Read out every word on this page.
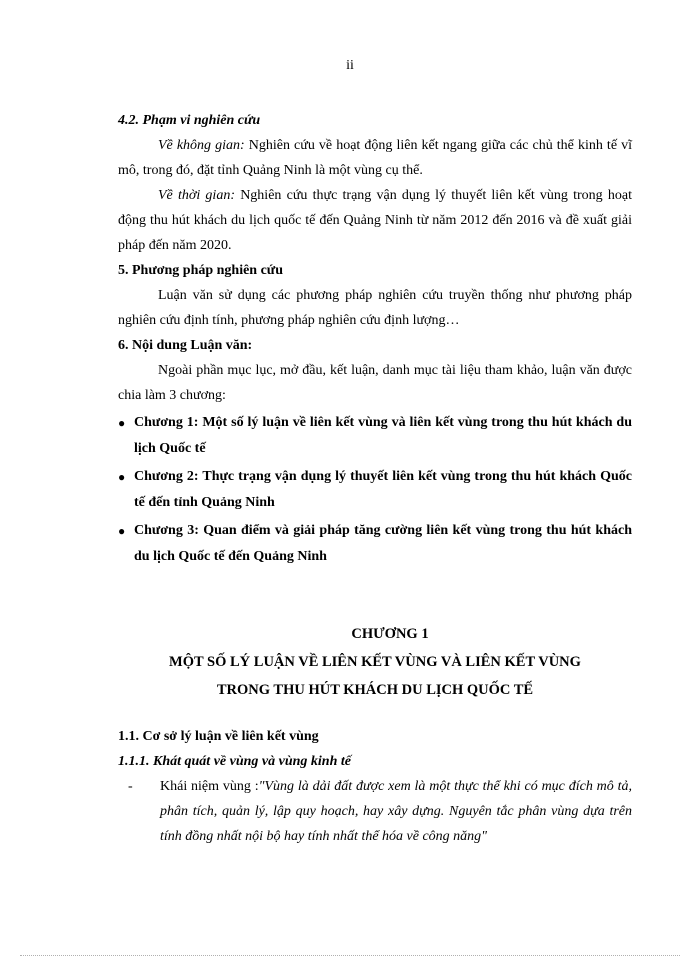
ii

4.2. Phạm vi nghiên cứu

Về không gian: Nghiên cứu về hoạt động liên kết ngang giữa các chủ thể kinh tế vĩ mô, trong đó, đặt tỉnh Quảng Ninh là một vùng cụ thể.

Về thời gian: Nghiên cứu thực trạng vận dụng lý thuyết liên kết vùng trong hoạt động thu hút khách du lịch quốc tế đến Quảng Ninh từ năm 2012 đến 2016 và đề xuất giải pháp đến năm 2020.

5. Phương pháp nghiên cứu

Luận văn sử dụng các phương pháp nghiên cứu truyền thống như phương pháp nghiên cứu định tính, phương pháp nghiên cứu định lượng…

6. Nội dung Luận văn:

Ngoài phần mục lục, mở đầu, kết luận, danh mục tài liệu tham khảo, luận văn được chia làm 3 chương:

● Chương 1: Một số lý luận về liên kết vùng và liên kết vùng trong thu hút khách du lịch Quốc tế
● Chương 2: Thực trạng vận dụng lý thuyết liên kết vùng trong thu hút khách Quốc tế đến tỉnh Quảng Ninh
● Chương 3: Quan điểm và giải pháp tăng cường liên kết vùng trong thu hút khách du lịch Quốc tế đến Quảng Ninh
CHƯƠNG 1
MỘT SỐ LÝ LUẬN VỀ LIÊN KẾT VÙNG VÀ LIÊN KẾT VÙNG
TRONG THU HÚT KHÁCH DU LỊCH QUỐC TẾ

1.1. Cơ sở lý luận về liên kết vùng

1.1.1. Khát quát về vùng và vùng kinh tế

- Khái niệm vùng :"Vùng là dải đất được xem là một thực thể khi có mục đích mô tả, phân tích, quản lý, lập quy hoạch, hay xây dựng. Nguyên tắc phân vùng dựa trên tính đồng nhất nội bộ hay tính nhất thể hóa về công năng"
